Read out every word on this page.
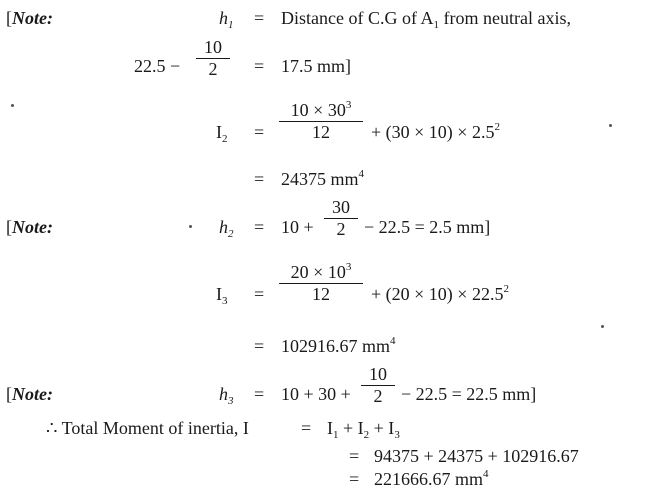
[Note:	$h_1$ = Distance of C.G of $A_1$ from neutral axis,
22.5 −
10
2	= 17.5 mm]
$I_2$ =
$10 \times 30^3$
12	+ $(30 \times 10) \times 2.5^2$
= 24375 $mm^4$
[Note:	$h_2 = 10$ +
30
2	− 22.5 = 2.5 mm]
$I_3$ =
$20 \times 10^3$
12	+ $(20 \times 10) \times 22.5^2$
= 102916.67 $mm^4$
[Note:	$h_3 = 10 + 30$ +
10
2	− 22.5 = 22.5 mm]
∴ Total Moment of inertia, I	= $I_1 + I_2 + I_3$
= 94375 + 24375 + 102916.67
= 221666.67 $mm^4$
